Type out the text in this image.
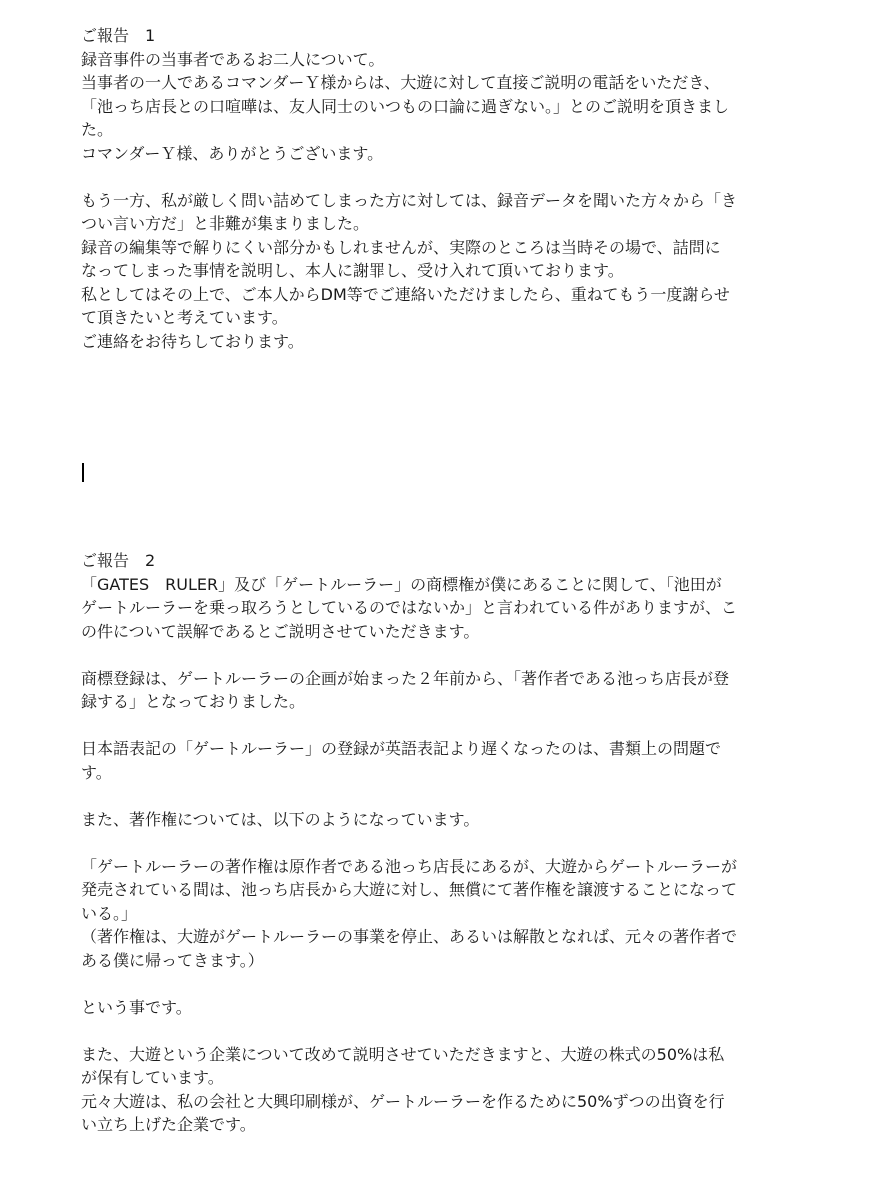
ご報告　1
録音事件の当事者であるお二人について。
当事者の一人であるコマンダーＹ様からは、大遊に対して直接ご説明の電話をいただき、
「池っち店長との口喧嘩は、友人同士のいつもの口論に過ぎない。」とのご説明を頂きまし
た。
コマンダーＹ様、ありがとうございます。
もう一方、私が厳しく問い詰めてしまった方に対しては、録音データを聞いた方々から「き
つい言い方だ」と非難が集まりました。
録音の編集等で解りにくい部分かもしれませんが、実際のところは当時その場で、詰問に
なってしまった事情を説明し、本人に謝罪し、受け入れて頂いております。
私としてはその上で、ご本人からDM等でご連絡いただけましたら、重ねてもう一度謝らせ
て頂きたいと考えています。
ご連絡をお待ちしております。
ご報告　2
「GATES　RULER」及び「ゲートルーラー」の商標権が僕にあることに関して、「池田が
ゲートルーラーを乗っ取ろうとしているのではないか」と言われている件がありますが、こ
の件について誤解であるとご説明させていただきます。
商標登録は、ゲートルーラーの企画が始まった２年前から、「著作者である池っち店長が登
録する」となっておりました。
日本語表記の「ゲートルーラー」の登録が英語表記より遅くなったのは、書類上の問題で
す。
また、著作権については、以下のようになっています。
「ゲートルーラーの著作権は原作者である池っち店長にあるが、大遊からゲートルーラーが
発売されている間は、池っち店長から大遊に対し、無償にて著作権を譲渡することになって
いる。」
（著作権は、大遊がゲートルーラーの事業を停止、あるいは解散となれば、元々の著作者で
ある僕に帰ってきます。）
という事です。
また、大遊という企業について改めて説明させていただきますと、大遊の株式の50%は私
が保有しています。
元々大遊は、私の会社と大興印刷様が、ゲートルーラーを作るために50%ずつの出資を行
い立ち上げた企業です。
